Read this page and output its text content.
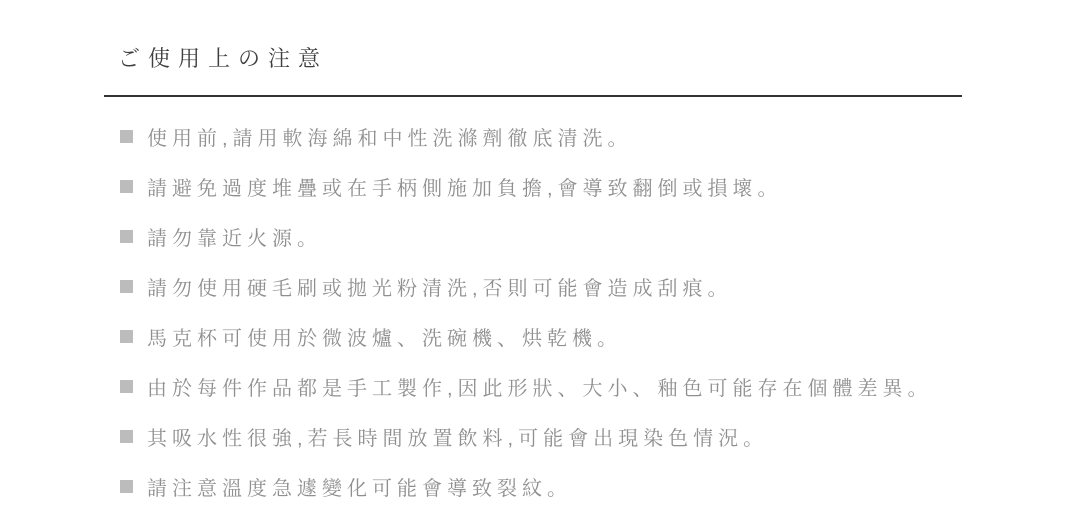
ご使用上の注意
使用前,請用軟海綿和中性洗滌劑徹底清洗。
請避免過度堆疊或在手柄側施加負擔,會導致翻倒或損壞。
請勿靠近火源。
請勿使用硬毛刷或拋光粉清洗,否則可能會造成刮痕。
馬克杯可使用於微波爐、洗碗機、烘乾機。
由於每件作品都是手工製作,因此形狀、大小、釉色可能存在個體差異。
其吸水性很強,若長時間放置飲料,可能會出現染色情況。
請注意溫度急遽變化可能會導致裂紋。
